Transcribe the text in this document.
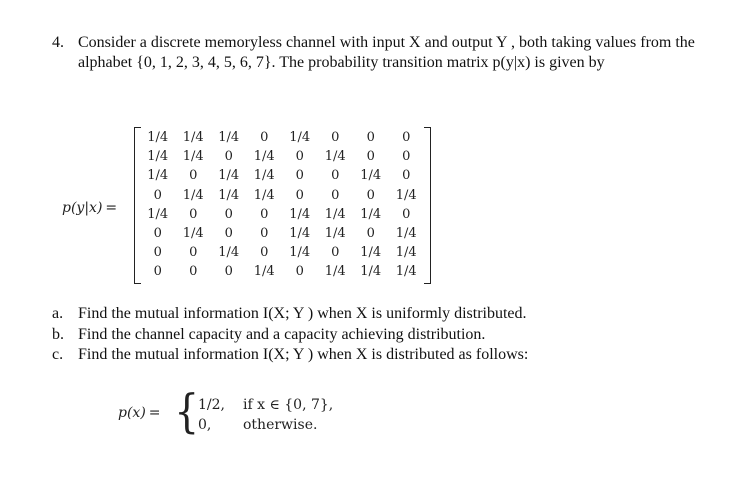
4. Consider a discrete memoryless channel with input X and output Y , both taking values from the alphabet {0, 1, 2, 3, 4, 5, 6, 7}. The probability transition matrix p(y|x) is given by
p(y|x) =
1/4	1/4	1/4	0	1/4	0	0	0
1/4	1/4	0	1/4	0	1/4	0	0
1/4	0	1/4	1/4	0	0	1/4	0
0	1/4	1/4	1/4	0	0	0	1/4
1/4	0	0	0	1/4	1/4	1/4	0
0	1/4	0	0	1/4	1/4	0	1/4
0	0	1/4	0	1/4	0	1/4	1/4
0	0	0	1/4	0	1/4	1/4	1/4
a. Find the mutual information I(X; Y ) when X is uniformly distributed.
b. Find the channel capacity and a capacity achieving distribution.
c. Find the mutual information I(X; Y ) when X is distributed as follows:
p(x) = {
1/2, if x ∈ {0, 7},
0, otherwise.
